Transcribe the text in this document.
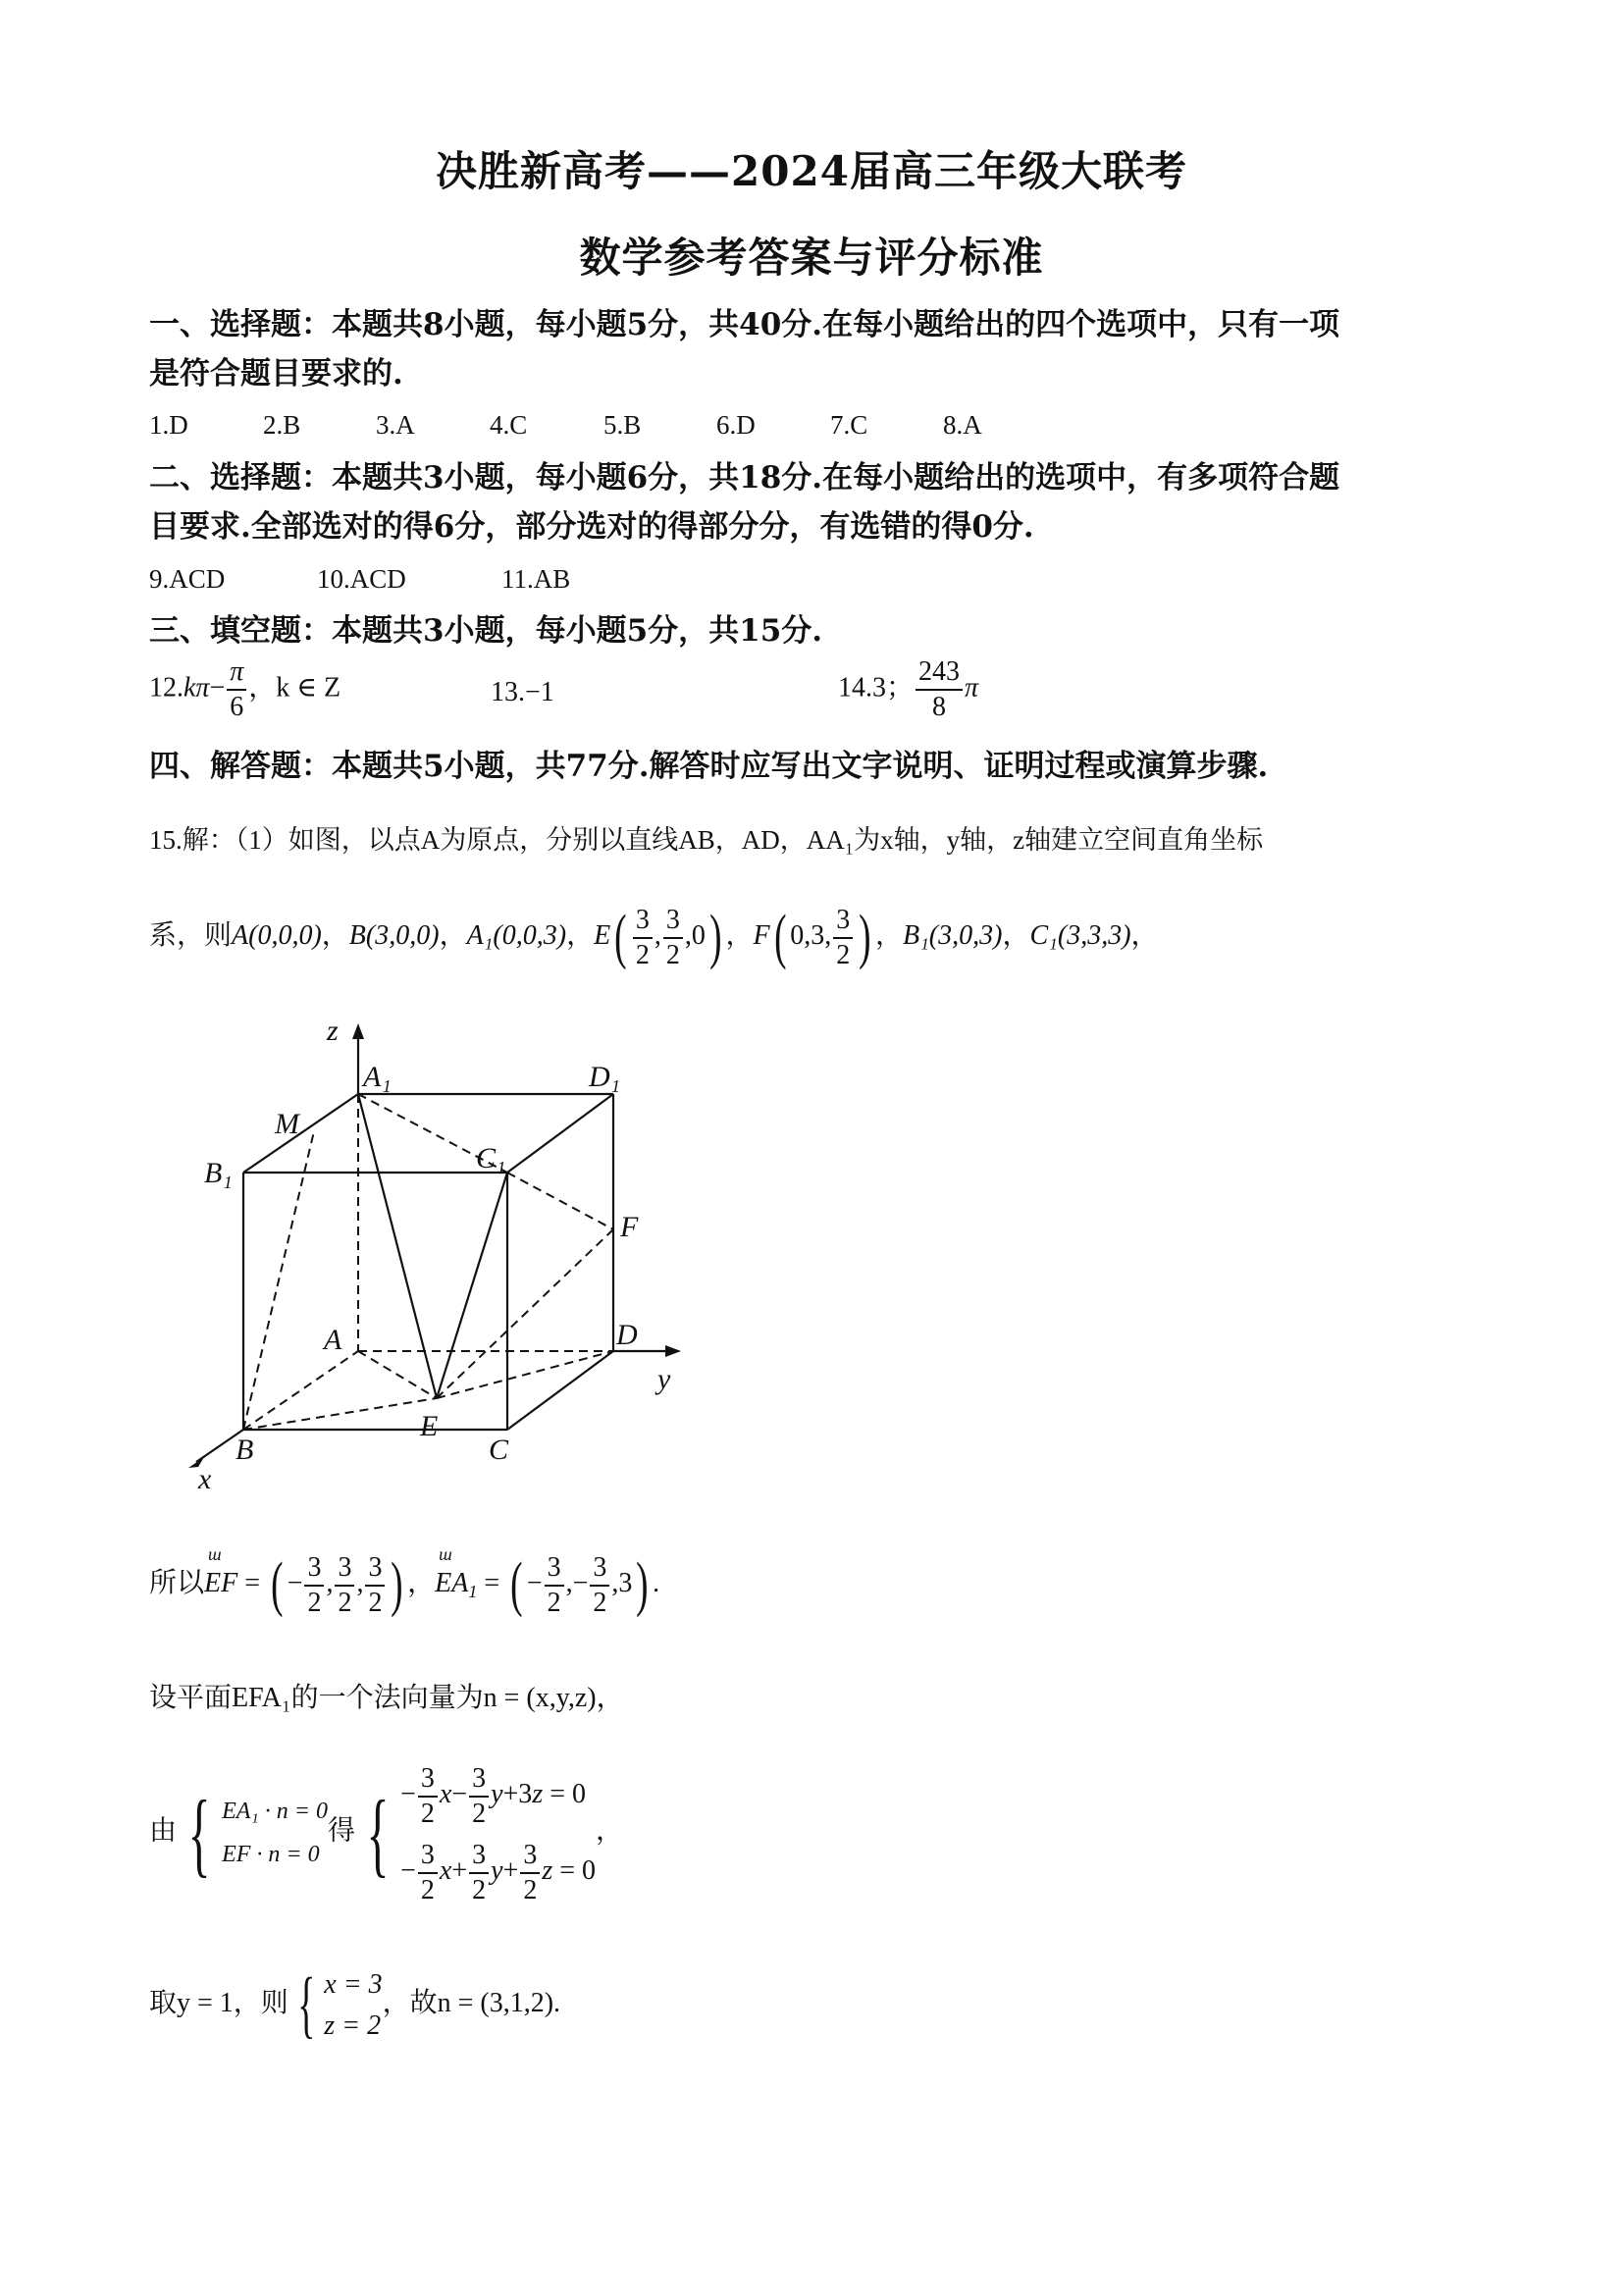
决胜新高考——2024届高三年级大联考
数学参考答案与评分标准
一、选择题：本题共8小题，每小题5分，共40分.在每小题给出的四个选项中，只有一项
是符合题目要求的.
1.D	2.B	3.A	4.C	5.B	6.D	7.C	8.A
二、选择题：本题共3小题，每小题6分，共18分.在每小题给出的选项中，有多项符合题
目要求.全部选对的得6分，部分选对的得部分分，有选错的得0分.
9.ACD	10.ACD	11.AB
三、填空题：本题共3小题，每小题5分，共15分.
$12.k\pi- \frac{\pi}{6}$ ，k ∈ Z	13.−1	14.3； $\frac{243}{8}$ π
四、解答题：本题共5小题，共77分.解答时应写出文字说明、证明过程或演算步骤.
15.解：（1）如图，以点A为原点，分别以直线AB，AD，AA₁为x轴，y轴，z轴建立空间直角坐标
系，则A(0,0,0)，B(3,0,0)，A₁(0,0,3)，$E( \frac{3}{2}$ , $\frac{3}{2} ,0$) ，F( 0,3, $\frac{3}{2}$ ) ，B₁(3,0,3)，C₁(3,3,3)，
z
A₁	D₁
M
B₁	C₁
F
A	D
y
E
B	C
x
所以ш EF = ( − $\frac{3}{2}$ , $\frac{3}{2}$ , $\frac{3}{2}$ ) ，ш $EA_1$ = ( − $\frac{3}{2}$ ,− $\frac{3}{2} ,3$) .
设平面EFA₁的一个法向量为n = (x,y,z)，
由 { EA₁ · n = 0
EF · n = 0
得 { − $\frac{3}{2} x- \frac{3}{2} y+3z = 0$
− $\frac{3}{2} x+ \frac{3}{2} y+ \frac{3}{2}$ z = 0
，
取y = 1，则 { x = 3
z = 2
，故n = (3,1,2).
